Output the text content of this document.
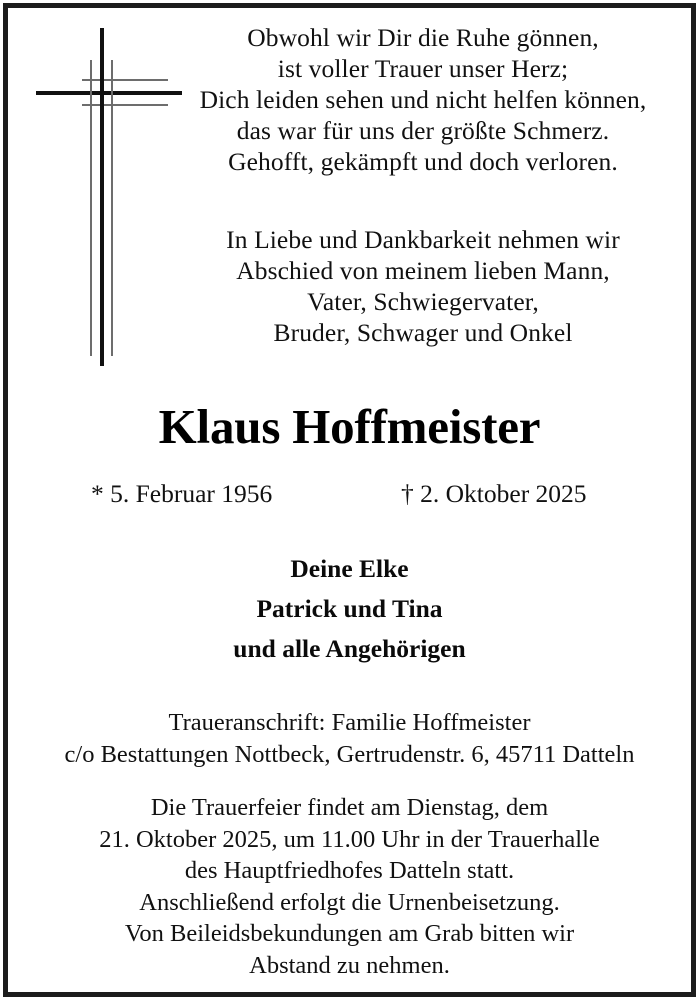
Obwohl wir Dir die Ruhe gönnen,
ist voller Trauer unser Herz;
Dich leiden sehen und nicht helfen können,
das war für uns der größte Schmerz.
Gehofft, gekämpft und doch verloren.
In Liebe und Dankbarkeit nehmen wir
Abschied von meinem lieben Mann,
Vater, Schwiegervater,
Bruder, Schwager und Onkel
Klaus Hoffmeister
* 5. Februar 1956	† 2. Oktober 2025
Deine Elke
Patrick und Tina
und alle Angehörigen
Traueranschrift: Familie Hoffmeister
c/o Bestattungen Nottbeck, Gertrudenstr. 6, 45711 Datteln
Die Trauerfeier findet am Dienstag, dem
21. Oktober 2025, um 11.00 Uhr in der Trauerhalle
des Hauptfriedhofes Datteln statt.
Anschließend erfolgt die Urnenbeisetzung.
Von Beileidsbekundungen am Grab bitten wir
Abstand zu nehmen.
